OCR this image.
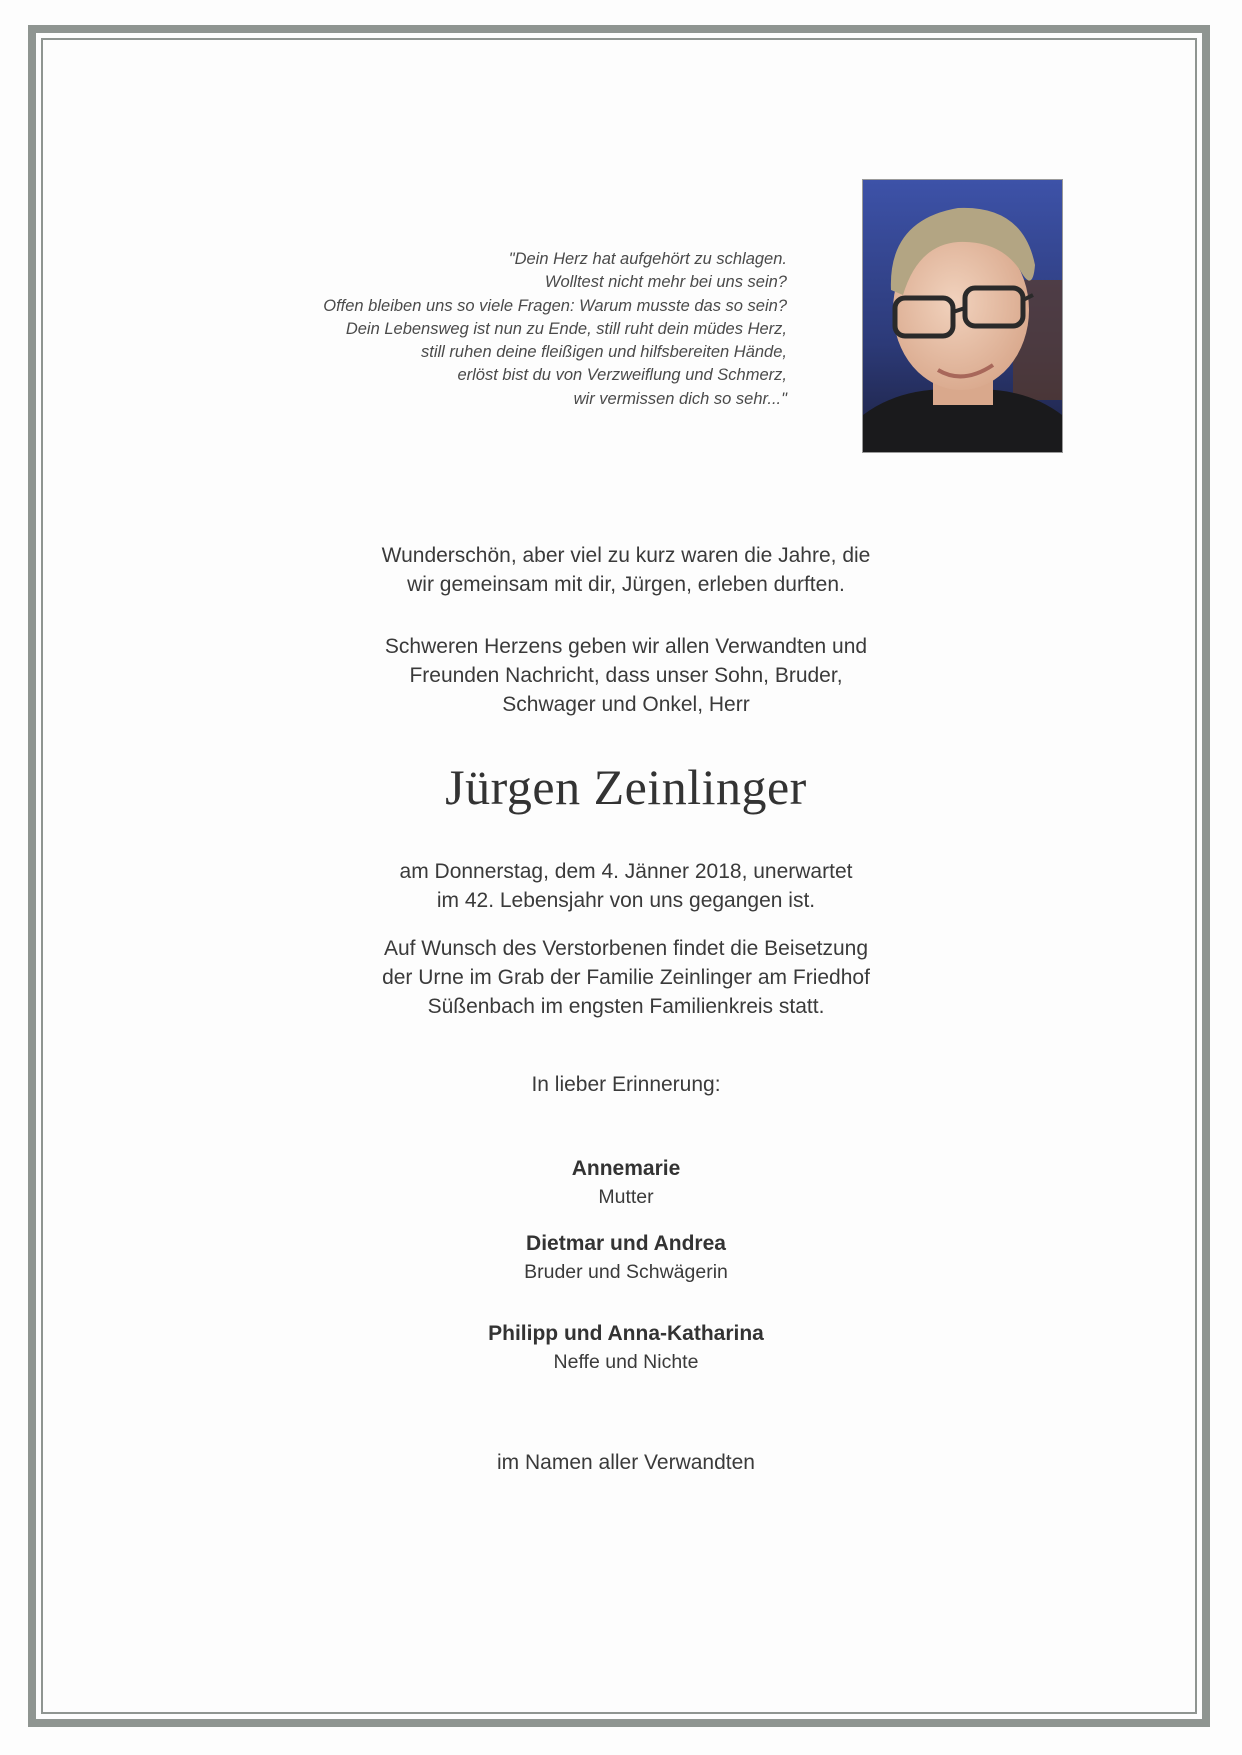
"Dein Herz hat aufgehört zu schlagen.
Wolltest nicht mehr bei uns sein?
Offen bleiben uns so viele Fragen: Warum musste das so sein?
Dein Lebensweg ist nun zu Ende, still ruht dein müdes Herz,
still ruhen deine fleißigen und hilfsbereiten Hände,
erlöst bist du von Verzweiflung und Schmerz,
wir vermissen dich so sehr..."
Wunderschön, aber viel zu kurz waren die Jahre, die
wir gemeinsam mit dir, Jürgen, erleben durften.
Schweren Herzens geben wir allen Verwandten und
Freunden Nachricht, dass unser Sohn, Bruder,
Schwager und Onkel, Herr
Jürgen Zeinlinger
am Donnerstag, dem 4. Jänner 2018, unerwartet
im 42. Lebensjahr von uns gegangen ist.
Auf Wunsch des Verstorbenen findet die Beisetzung
der Urne im Grab der Familie Zeinlinger am Friedhof
Süßenbach im engsten Familienkreis statt.
In lieber Erinnerung:
Annemarie
Mutter
Dietmar und Andrea
Bruder und Schwägerin
Philipp und Anna-Katharina
Neffe und Nichte
im Namen aller Verwandten
